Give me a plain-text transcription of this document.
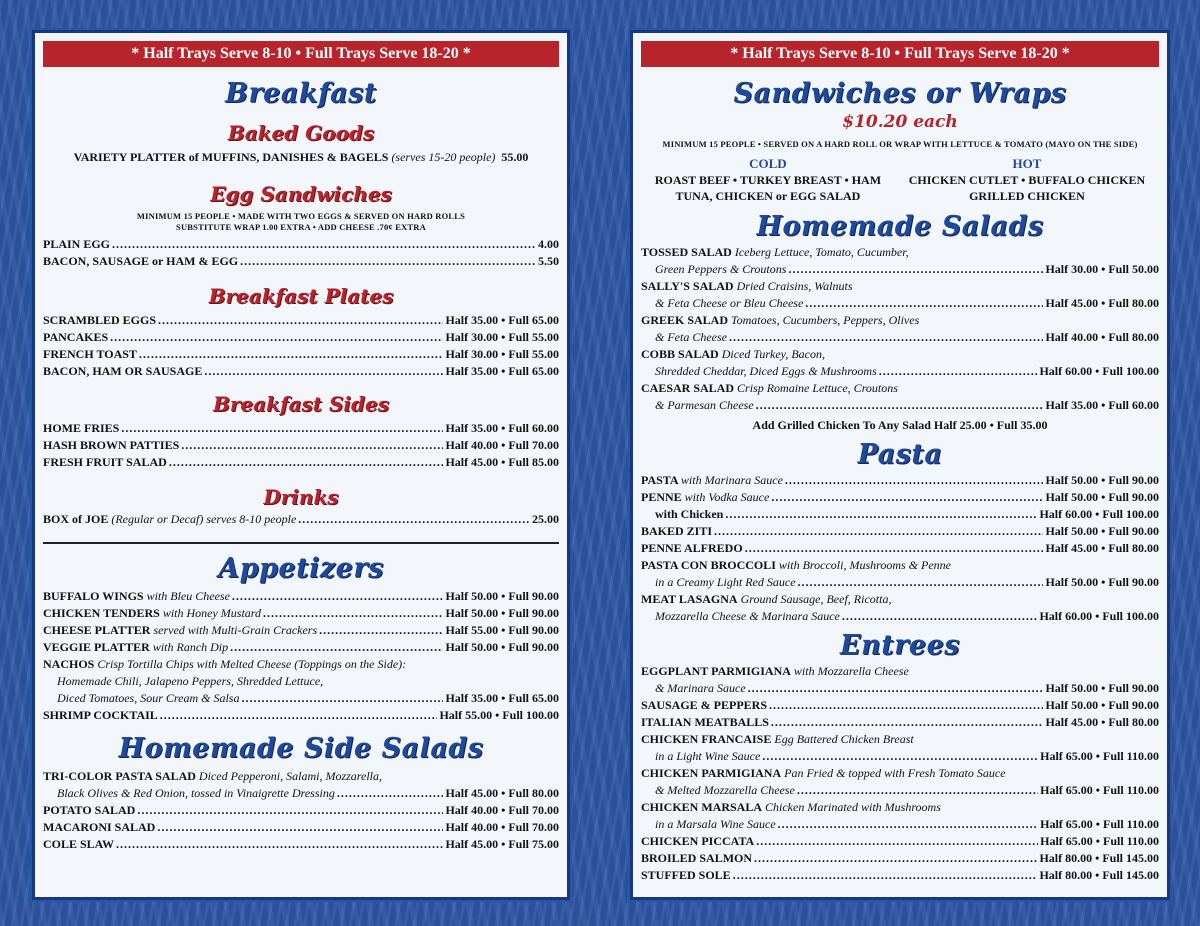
* Half Trays Serve 8-10 • Full Trays Serve 18-20 *
Breakfast
Baked Goods
VARIETY PLATTER of MUFFINS, DANISHES & BAGELS (serves 15-20 people) 55.00
Egg Sandwiches
MINIMUM 15 PEOPLE • MADE WITH TWO EGGS & SERVED ON HARD ROLLS
SUBSTITUTE WRAP 1.00 EXTRA • ADD CHEESE .70¢ EXTRA
PLAIN EGG . . .	4.00
BACON, SAUSAGE or HAM & EGG . . .	5.50
Breakfast Plates
SCRAMBLED EGGS . . .	Half 35.00 • Full 65.00
PANCAKES . . .	Half 30.00 • Full 55.00
FRENCH TOAST . . .	Half 30.00 • Full 55.00
BACON, HAM OR SAUSAGE . . .	Half 35.00 • Full 65.00
Breakfast Sides
HOME FRIES . . .	Half 35.00 • Full 60.00
HASH BROWN PATTIES . . .	Half 40.00 • Full 70.00
FRESH FRUIT SALAD . . .	Half 45.00 • Full 85.00
Drinks
BOX of JOE (Regular or Decaf) serves 8-10 people . . .	25.00
Appetizers
BUFFALO WINGS with Bleu Cheese . . .	Half 50.00 • Full 90.00
CHICKEN TENDERS with Honey Mustard . . .	Half 50.00 • Full 90.00
CHEESE PLATTER served with Multi-Grain Crackers . . .	Half 55.00 • Full 90.00
VEGGIE PLATTER with Ranch Dip . . .	Half 50.00 • Full 90.00
NACHOS Crisp Tortilla Chips with Melted Cheese (Toppings on the Side):
Homemade Chili, Jalapeno Peppers, Shredded Lettuce,
Diced Tomatoes, Sour Cream & Salsa . . .	Half 35.00 • Full 65.00
SHRIMP COCKTAIL . . .	Half 55.00 • Full 100.00
Homemade Side Salads
TRI-COLOR PASTA SALAD Diced Pepperoni, Salami, Mozzarella,
Black Olives & Red Onion, tossed in Vinaigrette Dressing . . .	Half 45.00 • Full 80.00
POTATO SALAD . . .	Half 40.00 • Full 70.00
MACARONI SALAD . . .	Half 40.00 • Full 70.00
COLE SLAW . . .	Half 45.00 • Full 75.00
* Half Trays Serve 8-10 • Full Trays Serve 18-20 *
Sandwiches or Wraps
$10.20 each
MINIMUM 15 PEOPLE • SERVED ON A HARD ROLL OR WRAP WITH LETTUCE & TOMATO (MAYO ON THE SIDE)
COLD
ROAST BEEF • TURKEY BREAST • HAM
TUNA, CHICKEN or EGG SALAD
HOT
CHICKEN CUTLET • BUFFALO CHICKEN
GRILLED CHICKEN
Homemade Salads
TOSSED SALAD Iceberg Lettuce, Tomato, Cucumber,
Green Peppers & Croutons . . .	Half 30.00 • Full 50.00
SALLY'S SALAD Dried Craisins, Walnuts
& Feta Cheese or Bleu Cheese . . .	Half 45.00 • Full 80.00
GREEK SALAD Tomatoes, Cucumbers, Peppers, Olives
& Feta Cheese . . .	Half 40.00 • Full 80.00
COBB SALAD Diced Turkey, Bacon,
Shredded Cheddar, Diced Eggs & Mushrooms . . .	Half 60.00 • Full 100.00
CAESAR SALAD Crisp Romaine Lettuce, Croutons
& Parmesan Cheese . . .	Half 35.00 • Full 60.00
Add Grilled Chicken To Any Salad Half 25.00 • Full 35.00
Pasta
PASTA with Marinara Sauce . . .	Half 50.00 • Full 90.00
PENNE with Vodka Sauce . . .	Half 50.00 • Full 90.00
with Chicken . . .	Half 60.00 • Full 100.00
BAKED ZITI . . .	Half 50.00 • Full 90.00
PENNE ALFREDO . . .	Half 45.00 • Full 80.00
PASTA CON BROCCOLI with Broccoli, Mushrooms & Penne
in a Creamy Light Red Sauce . . .	Half 50.00 • Full 90.00
MEAT LASAGNA Ground Sausage, Beef, Ricotta,
Mozzarella Cheese & Marinara Sauce . . .	Half 60.00 • Full 100.00
Entrees
EGGPLANT PARMIGIANA with Mozzarella Cheese
& Marinara Sauce . . .	Half 50.00 • Full 90.00
SAUSAGE & PEPPERS . . .	Half 50.00 • Full 90.00
ITALIAN MEATBALLS . . .	Half 45.00 • Full 80.00
CHICKEN FRANCAISE Egg Battered Chicken Breast
in a Light Wine Sauce . . .	Half 65.00 • Full 110.00
CHICKEN PARMIGIANA Pan Fried & topped with Fresh Tomato Sauce
& Melted Mozzarella Cheese . . .	Half 65.00 • Full 110.00
CHICKEN MARSALA Chicken Marinated with Mushrooms
in a Marsala Wine Sauce . . .	Half 65.00 • Full 110.00
CHICKEN PICCATA . . .	Half 65.00 • Full 110.00
BROILED SALMON . . .	Half 80.00 • Full 145.00
STUFFED SOLE . . .	Half 80.00 • Full 145.00
